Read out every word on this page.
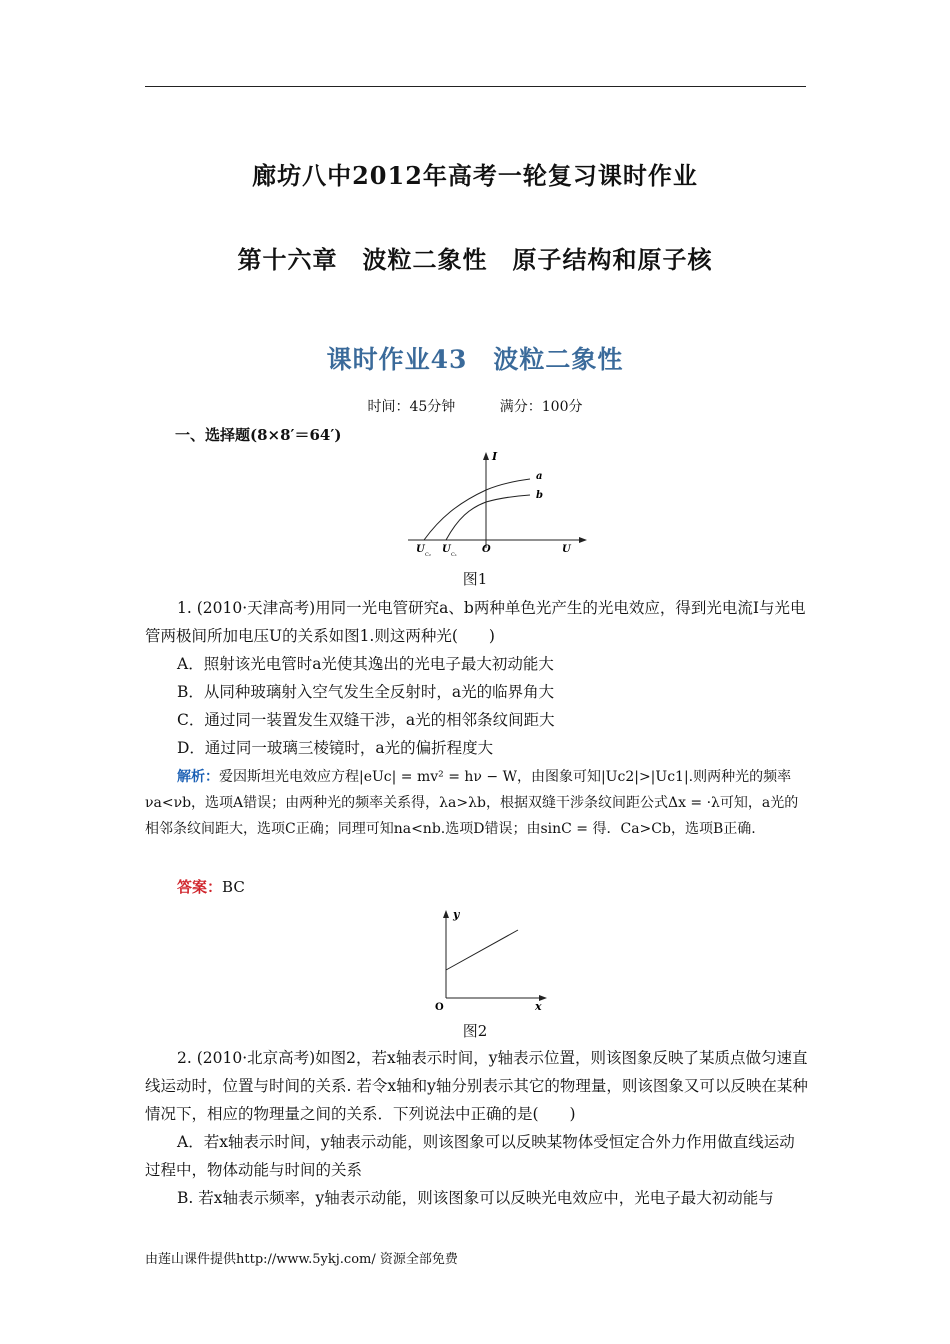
廊坊八中2012年高考一轮复习课时作业
第十六章　波粒二象性　原子结构和原子核
课时作业43　波粒二象性
时间：45分钟	满分：100分
一、选择题(8×8′＝64′)
I
a
b
O	U
U C₂ U C₁
图1
1. (2010·天津高考)用同一光电管研究a、b两种单色光产生的光电效应，得到光电流I与光电管两极间所加电压U的关系如图1.则这两种光(　　)
A．照射该光电管时a光使其逸出的光电子最大初动能大
B．从同种玻璃射入空气发生全反射时，a光的临界角大
C．通过同一装置发生双缝干涉，a光的相邻条纹间距大
D．通过同一玻璃三棱镜时，a光的偏折程度大
解析：爱因斯坦光电效应方程|eUc| = mv² = hν − W，由图象可知|Uc2|>|Uc1|.则两种光的频率νa<νb，选项A错误；由两种光的频率关系得，λa>λb，根据双缝干涉条纹间距公式Δx = ·λ可知，a光的相邻条纹间距大，选项C正确；同理可知na<nb.选项D错误；由sinC = 得．Ca>Cb，选项B正确.
答案：BC
y
O	x
图2
2. (2010·北京高考)如图2，若x轴表示时间，y轴表示位置，则该图象反映了某质点做匀速直线运动时，位置与时间的关系. 若令x轴和y轴分别表示其它的物理量，则该图象又可以反映在某种情况下，相应的物理量之间的关系．下列说法中正确的是(　　)
A．若x轴表示时间，y轴表示动能，则该图象可以反映某物体受恒定合外力作用做直线运动过程中，物体动能与时间的关系
B. 若x轴表示频率，y轴表示动能，则该图象可以反映光电效应中，光电子最大初动能与
由莲山课件提供http://www.5ykj.com/ 资源全部免费
